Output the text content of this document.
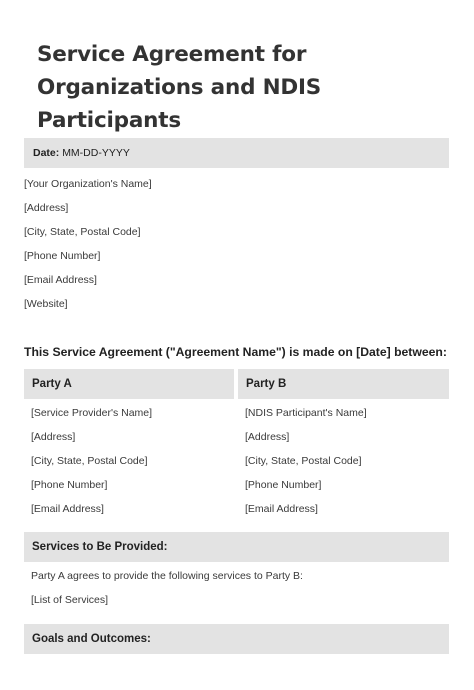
Service Agreement for Organizations and NDIS Participants
Date: MM-DD-YYYY
[Your Organization's Name]
[Address]
[City, State, Postal Code]
[Phone Number]
[Email Address]
[Website]
This Service Agreement ("Agreement Name") is made on [Date] between:
Party A	Party B
[Service Provider's Name]
[Address]
[City, State, Postal Code]
[Phone Number]
[Email Address]
[NDIS Participant's Name]
[Address]
[City, State, Postal Code]
[Phone Number]
[Email Address]
Services to Be Provided:
Party A agrees to provide the following services to Party B:
[List of Services]
Goals and Outcomes:
